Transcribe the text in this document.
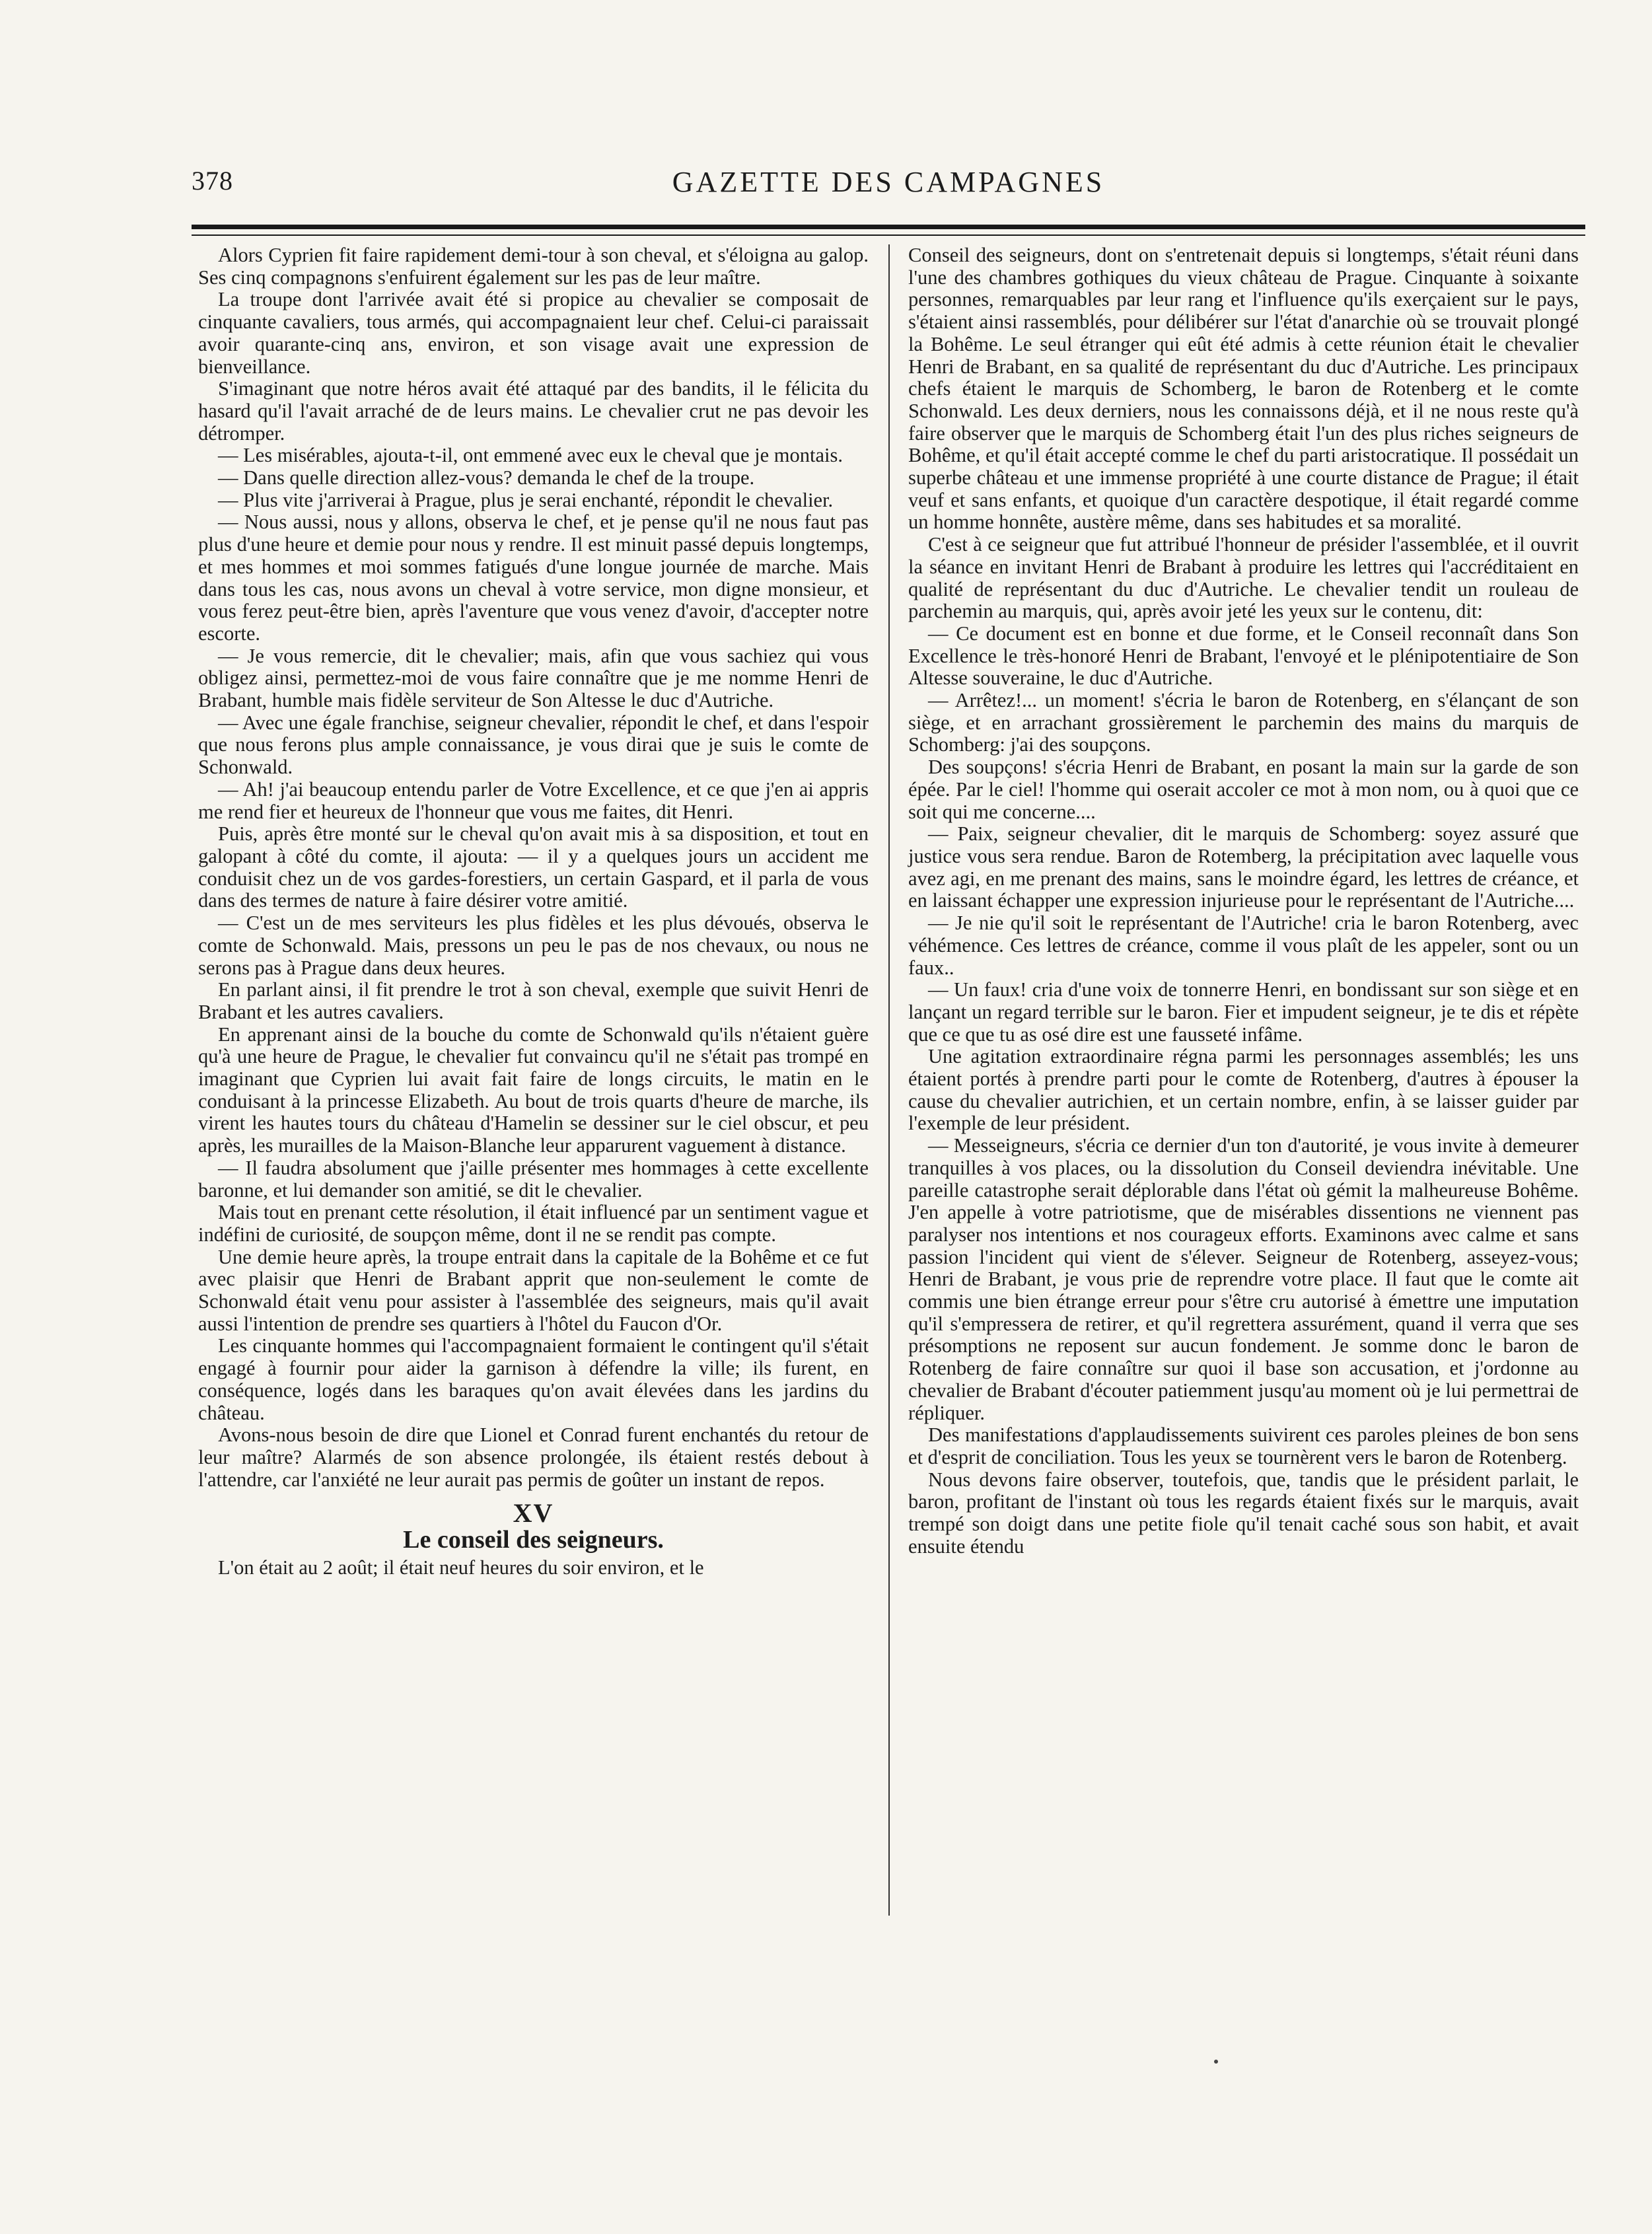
378	GAZETTE DES CAMPAGNES

Alors Cyprien fit faire rapidement demi-tour à son cheval, et s'éloigna au galop. Ses cinq compagnons s'enfuirent également sur les pas de leur maître.

La troupe dont l'arrivée avait été si propice au chevalier se composait de cinquante cavaliers, tous armés, qui accompagnaient leur chef. Celui-ci paraissait avoir quarante-cinq ans, environ, et son visage avait une expression de bienveillance.

S'imaginant que notre héros avait été attaqué par des bandits, il le félicita du hasard qu'il l'avait arraché de de leurs mains. Le chevalier crut ne pas devoir les détromper.

— Les misérables, ajouta-t-il, ont emmené avec eux le cheval que je montais.

— Dans quelle direction allez-vous? demanda le chef de la troupe.

— Plus vite j'arriverai à Prague, plus je serai enchanté, répondit le chevalier.

— Nous aussi, nous y allons, observa le chef, et je pense qu'il ne nous faut pas plus d'une heure et demie pour nous y rendre. Il est minuit passé depuis longtemps, et mes hommes et moi sommes fatigués d'une longue journée de marche. Mais dans tous les cas, nous avons un cheval à votre service, mon digne monsieur, et vous ferez peut-être bien, après l'aventure que vous venez d'avoir, d'accepter notre escorte.

— Je vous remercie, dit le chevalier; mais, afin que vous sachiez qui vous obligez ainsi, permettez-moi de vous faire connaître que je me nomme Henri de Brabant, humble mais fidèle serviteur de Son Altesse le duc d'Autriche.

— Avec une égale franchise, seigneur chevalier, répondit le chef, et dans l'espoir que nous ferons plus ample connaissance, je vous dirai que je suis le comte de Schonwald.

— Ah! j'ai beaucoup entendu parler de Votre Excellence, et ce que j'en ai appris me rend fier et heureux de l'honneur que vous me faites, dit Henri.

Puis, après être monté sur le cheval qu'on avait mis à sa disposition, et tout en galopant à côté du comte, il ajouta: — il y a quelques jours un accident me conduisit chez un de vos gardes-forestiers, un certain Gaspard, et il parla de vous dans des termes de nature à faire désirer votre amitié.

— C'est un de mes serviteurs les plus fidèles et les plus dévoués, observa le comte de Schonwald. Mais, pressons un peu le pas de nos chevaux, ou nous ne serons pas à Prague dans deux heures.

En parlant ainsi, il fit prendre le trot à son cheval, exemple que suivit Henri de Brabant et les autres cavaliers.

En apprenant ainsi de la bouche du comte de Schonwald qu'ils n'étaient guère qu'à une heure de Prague, le chevalier fut convaincu qu'il ne s'était pas trompé en imaginant que Cyprien lui avait fait faire de longs circuits, le matin en le conduisant à la princesse Elizabeth. Au bout de trois quarts d'heure de marche, ils virent les hautes tours du château d'Hamelin se dessiner sur le ciel obscur, et peu après, les murailles de la Maison-Blanche leur apparurent vaguement à distance.

— Il faudra absolument que j'aille présenter mes hommages à cette excellente baronne, et lui demander son amitié, se dit le chevalier.

Mais tout en prenant cette résolution, il était influencé par un sentiment vague et indéfini de curiosité, de soupçon même, dont il ne se rendit pas compte.

Une demie heure après, la troupe entrait dans la capitale de la Bohême et ce fut avec plaisir que Henri de Brabant apprit que non-seulement le comte de Schonwald était venu pour assister à l'assemblée des seigneurs, mais qu'il avait aussi l'intention de prendre ses quartiers à l'hôtel du Faucon d'Or.

Les cinquante hommes qui l'accompagnaient formaient le contingent qu'il s'était engagé à fournir pour aider la garnison à défendre la ville; ils furent, en conséquence, logés dans les baraques qu'on avait élevées dans les jardins du château.

Avons-nous besoin de dire que Lionel et Conrad furent enchantés du retour de leur maître? Alarmés de son absence prolongée, ils étaient restés debout à l'attendre, car l'anxiété ne leur aurait pas permis de goûter un instant de repos.

XV
Le conseil des seigneurs.

L'on était au 2 août; il était neuf heures du soir environ, et le

Conseil des seigneurs, dont on s'entretenait depuis si longtemps, s'était réuni dans l'une des chambres gothiques du vieux château de Prague. Cinquante à soixante personnes, remarquables par leur rang et l'influence qu'ils exerçaient sur le pays, s'étaient ainsi rassemblés, pour délibérer sur l'état d'anarchie où se trouvait plongé la Bohême. Le seul étranger qui eût été admis à cette réunion était le chevalier Henri de Brabant, en sa qualité de représentant du duc d'Autriche. Les principaux chefs étaient le marquis de Schomberg, le baron de Rotenberg et le comte Schonwald. Les deux derniers, nous les connaissons déjà, et il ne nous reste qu'à faire observer que le marquis de Schomberg était l'un des plus riches seigneurs de Bohême, et qu'il était accepté comme le chef du parti aristocratique. Il possédait un superbe château et une immense propriété à une courte distance de Prague; il était veuf et sans enfants, et quoique d'un caractère despotique, il était regardé comme un homme honnête, austère même, dans ses habitudes et sa moralité.

C'est à ce seigneur que fut attribué l'honneur de présider l'assemblée, et il ouvrit la séance en invitant Henri de Brabant à produire les lettres qui l'accréditaient en qualité de représentant du duc d'Autriche. Le chevalier tendit un rouleau de parchemin au marquis, qui, après avoir jeté les yeux sur le contenu, dit:

— Ce document est en bonne et due forme, et le Conseil reconnaît dans Son Excellence le très-honoré Henri de Brabant, l'envoyé et le plénipotentiaire de Son Altesse souveraine, le duc d'Autriche.

— Arrêtez!... un moment! s'écria le baron de Rotenberg, en s'élançant de son siège, et en arrachant grossièrement le parchemin des mains du marquis de Schomberg: j'ai des soupçons.

Des soupçons! s'écria Henri de Brabant, en posant la main sur la garde de son épée. Par le ciel! l'homme qui oserait accoler ce mot à mon nom, ou à quoi que ce soit qui me concerne....

— Paix, seigneur chevalier, dit le marquis de Schomberg: soyez assuré que justice vous sera rendue. Baron de Rotemberg, la précipitation avec laquelle vous avez agi, en me prenant des mains, sans le moindre égard, les lettres de créance, et en laissant échapper une expression injurieuse pour le représentant de l'Autriche....

— Je nie qu'il soit le représentant de l'Autriche! cria le baron Rotenberg, avec véhémence. Ces lettres de créance, comme il vous plaît de les appeler, sont ou un faux..

— Un faux! cria d'une voix de tonnerre Henri, en bondissant sur son siège et en lançant un regard terrible sur le baron. Fier et impudent seigneur, je te dis et répète que ce que tu as osé dire est une fausseté infâme.

Une agitation extraordinaire régna parmi les personnages assemblés; les uns étaient portés à prendre parti pour le comte de Rotenberg, d'autres à épouser la cause du chevalier autrichien, et un certain nombre, enfin, à se laisser guider par l'exemple de leur président.

— Messeigneurs, s'écria ce dernier d'un ton d'autorité, je vous invite à demeurer tranquilles à vos places, ou la dissolution du Conseil deviendra inévitable. Une pareille catastrophe serait déplorable dans l'état où gémit la malheureuse Bohême. J'en appelle à votre patriotisme, que de misérables dissentions ne viennent pas paralyser nos intentions et nos courageux efforts. Examinons avec calme et sans passion l'incident qui vient de s'élever. Seigneur de Rotenberg, asseyez-vous; Henri de Brabant, je vous prie de reprendre votre place. Il faut que le comte ait commis une bien étrange erreur pour s'être cru autorisé à émettre une imputation qu'il s'empressera de retirer, et qu'il regrettera assurément, quand il verra que ses présomptions ne reposent sur aucun fondement. Je somme donc le baron de Rotenberg de faire connaître sur quoi il base son accusation, et j'ordonne au chevalier de Brabant d'écouter patiemment jusqu'au moment où je lui permettrai de répliquer.

Des manifestations d'applaudissements suivirent ces paroles pleines de bon sens et d'esprit de conciliation. Tous les yeux se tournèrent vers le baron de Rotenberg.

Nous devons faire observer, toutefois, que, tandis que le président parlait, le baron, profitant de l'instant où tous les regards étaient fixés sur le marquis, avait trempé son doigt dans une petite fiole qu'il tenait caché sous son habit, et avait ensuite étendu
